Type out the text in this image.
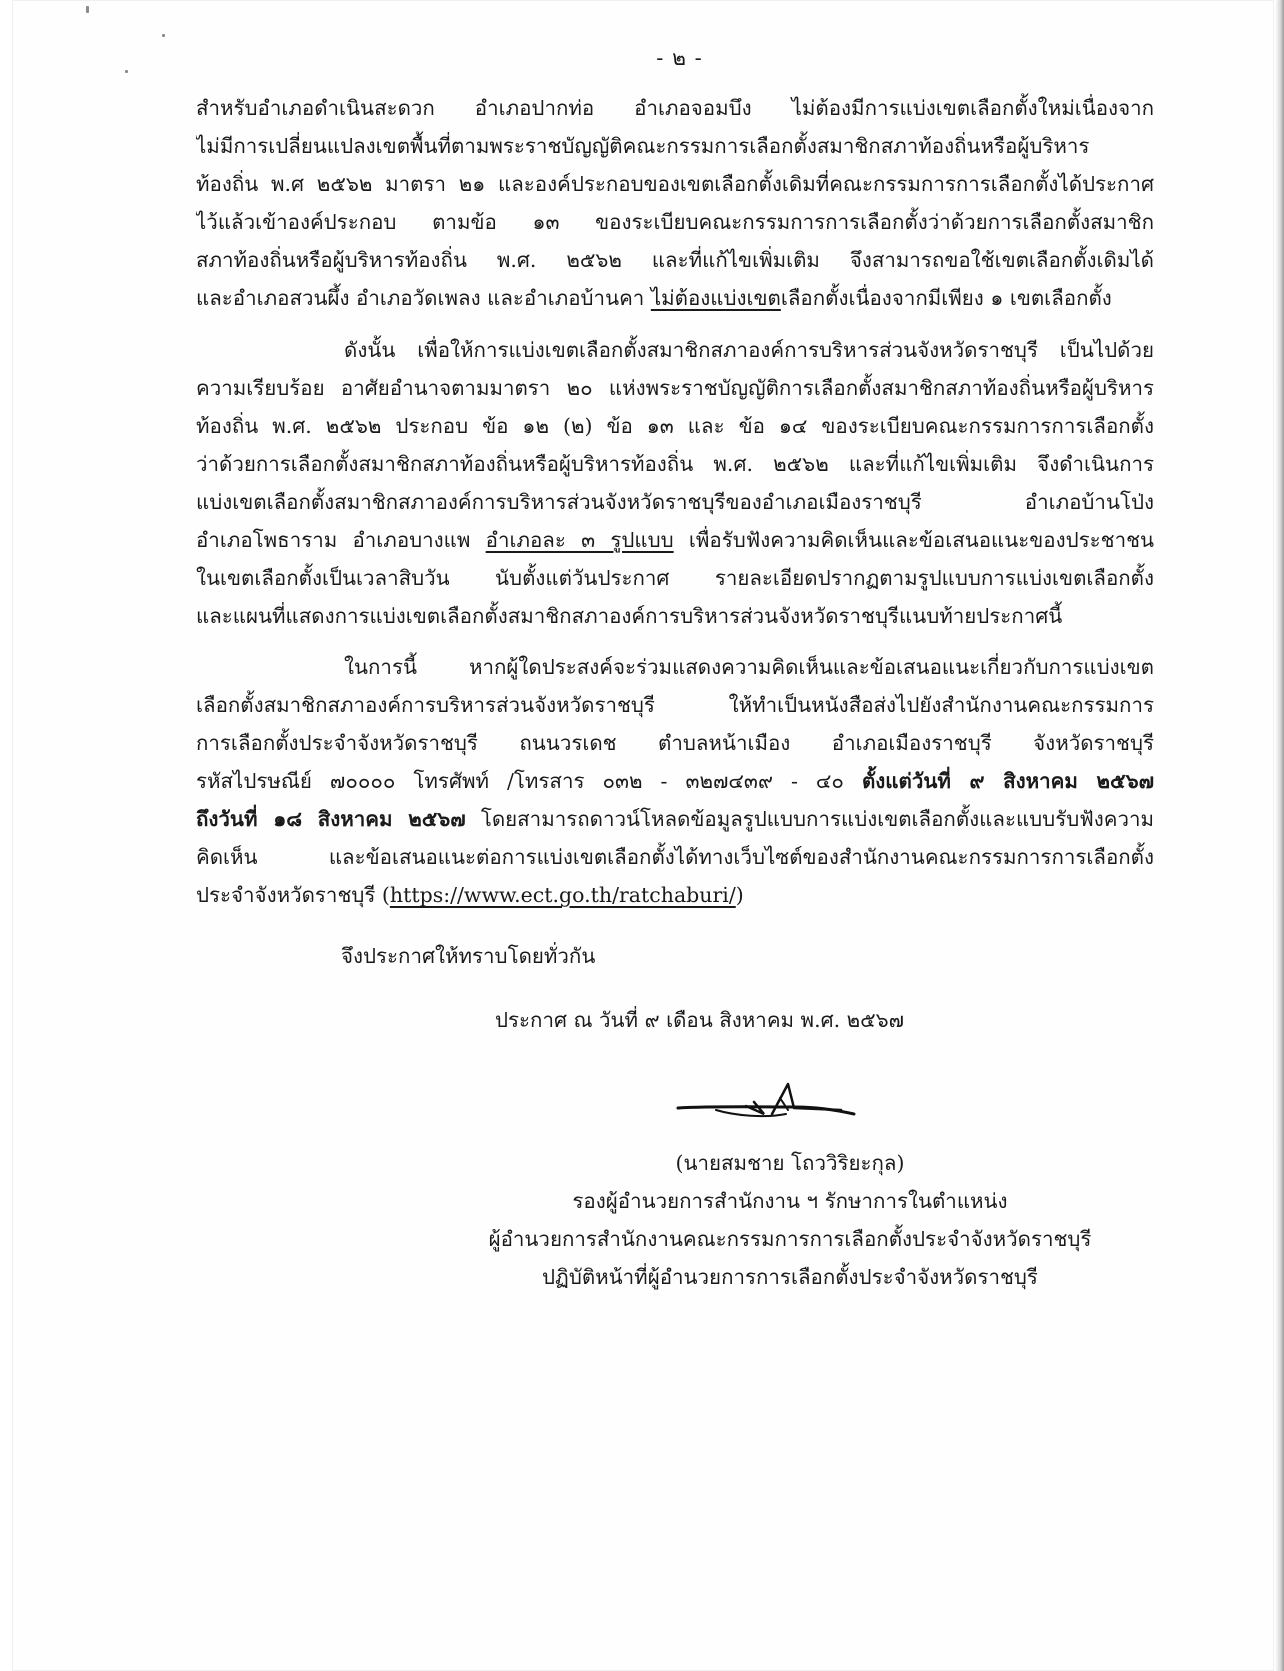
- ๒ -
สำหรับอำเภอดำเนินสะดวก อำเภอปากท่อ อำเภอจอมบึง ไม่ต้องมีการแบ่งเขตเลือกตั้งใหม่เนื่องจาก
ไม่มีการเปลี่ยนแปลงเขตพื้นที่ตามพระราชบัญญัติคณะกรรมการเลือกตั้งสมาชิกสภาท้องถิ่นหรือผู้บริหาร
ท้องถิ่น พ.ศ ๒๕๖๒ มาตรา ๒๑ และองค์ประกอบของเขตเลือกตั้งเดิมที่คณะกรรมการการเลือกตั้งได้ประกาศ
ไว้แล้วเข้าองค์ประกอบ ตามข้อ ๑๓ ของระเบียบคณะกรรมการการเลือกตั้งว่าด้วยการเลือกตั้งสมาชิก
สภาท้องถิ่นหรือผู้บริหารท้องถิ่น พ.ศ. ๒๕๖๒ และที่แก้ไขเพิ่มเติม จึงสามารถขอใช้เขตเลือกตั้งเดิมได้
และอำเภอสวนผึ้ง อำเภอวัดเพลง และอำเภอบ้านคา ไม่ต้องแบ่งเขตเลือกตั้งเนื่องจากมีเพียง ๑ เขตเลือกตั้ง
ดังนั้น เพื่อให้การแบ่งเขตเลือกตั้งสมาชิกสภาองค์การบริหารส่วนจังหวัดราชบุรี เป็นไปด้วย
ความเรียบร้อย อาศัยอำนาจตามมาตรา ๒๐ แห่งพระราชบัญญัติการเลือกตั้งสมาชิกสภาท้องถิ่นหรือผู้บริหาร
ท้องถิ่น พ.ศ. ๒๕๖๒ ประกอบ ข้อ ๑๒ (๒) ข้อ ๑๓ และ ข้อ ๑๔ ของระเบียบคณะกรรมการการเลือกตั้ง
ว่าด้วยการเลือกตั้งสมาชิกสภาท้องถิ่นหรือผู้บริหารท้องถิ่น พ.ศ. ๒๕๖๒ และที่แก้ไขเพิ่มเติม จึงดำเนินการ
แบ่งเขตเลือกตั้งสมาชิกสภาองค์การบริหารส่วนจังหวัดราชบุรีของอำเภอเมืองราชบุรี อำเภอบ้านโป่ง
อำเภอโพธาราม อำเภอบางแพ อำเภอละ ๓ รูปแบบ เพื่อรับฟังความคิดเห็นและข้อเสนอแนะของประชาชน
ในเขตเลือกตั้งเป็นเวลาสิบวัน นับตั้งแต่วันประกาศ รายละเอียดปรากฏตามรูปแบบการแบ่งเขตเลือกตั้ง
และแผนที่แสดงการแบ่งเขตเลือกตั้งสมาชิกสภาองค์การบริหารส่วนจังหวัดราชบุรีแนบท้ายประกาศนี้
ในการนี้ หากผู้ใดประสงค์จะร่วมแสดงความคิดเห็นและข้อเสนอแนะเกี่ยวกับการแบ่งเขต
เลือกตั้งสมาชิกสภาองค์การบริหารส่วนจังหวัดราชบุรี ให้ทำเป็นหนังสือส่งไปยังสำนักงานคณะกรรมการ
การเลือกตั้งประจำจังหวัดราชบุรี ถนนวรเดช ตำบลหน้าเมือง อำเภอเมืองราชบุรี จังหวัดราชบุรี
รหัสไปรษณีย์ ๗๐๐๐๐ โทรศัพท์ /โทรสาร ๐๓๒ - ๓๒๗๔๓๙ - ๔๐ ตั้งแต่วันที่ ๙ สิงหาคม ๒๕๖๗
ถึงวันที่ ๑๘ สิงหาคม ๒๕๖๗ โดยสามารถดาวน์โหลดข้อมูลรูปแบบการแบ่งเขตเลือกตั้งและแบบรับฟังความ
คิดเห็น และข้อเสนอแนะต่อการแบ่งเขตเลือกตั้งได้ทางเว็บไซต์ของสำนักงานคณะกรรมการการเลือกตั้ง
ประจำจังหวัดราชบุรี (https://www.ect.go.th/ratchaburi/)
จึงประกาศให้ทราบโดยทั่วกัน
ประกาศ ณ วันที่ ๙ เดือน สิงหาคม พ.ศ. ๒๕๖๗
(นายสมชาย โถววิริยะกุล)
รองผู้อำนวยการสำนักงาน ฯ รักษาการในตำแหน่ง
ผู้อำนวยการสำนักงานคณะกรรมการการเลือกตั้งประจำจังหวัดราชบุรี
ปฏิบัติหน้าที่ผู้อำนวยการการเลือกตั้งประจำจังหวัดราชบุรี
